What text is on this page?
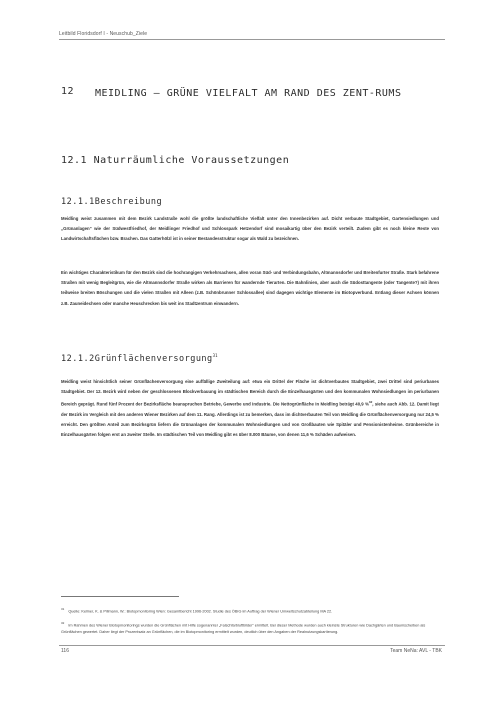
Leitbild Floridsdorf I - Neuschub_Ziele
12 MEIDLING – GRÜNE VIELFALT AM RAND DES ZENT-RUMS
12.1 Naturräumliche Voraussetzungen
12.1.1Beschreibung

Meidling weist zusammen mit dem Bezirk Landstraße wohl die größte landschaftliche Vielfalt unter den Innenbezirken auf. Dicht verbaute Stadtgebiet, Gartensiedlungen und „Grünanlagen“ wie der Südwestfriedhof, der Meidlinger Friedhof und Schlosspark Hetzendorf sind mosaikartig über den Bezirk verteilt. Zudem gibt es noch kleine Reste von Landwirtschaftsflächen bzw. Brachen. Das Gatterhölzl ist in seiner Bestandesstruktur sogar als Wald zu bezeichnen.

Ein wichtiges Charakteristikum für den Bezirk sind die hochrangigen Verkehrsachsen, allen voran Süd- und Verbindungsbahn, Altmannsdorfer und Breitenfurter Straße. Stark befahrene Straßen mit wenig Begleitgrün, wie die Altmannsdorfer Straße wirken als Barrieren für wandernde Tierarten. Die Bahnlinien, aber auch die Südosttangente (oder Tangente?) mit ihren teilweise breiten Böschungen und die vielen Straßen mit Alleen (z.B. Schönbrunner Schlossallee) sind dagegen wichtige Elemente im Biotopverbund. Entlang dieser Achsen können z.B. Zauneidechsen oder manche Heuschrecken bis weit ins Stadtzentrum einwandern.

12.1.2Grünflächenversorgung$^{31}$

Meidling weist hinsichtlich seiner Grünflächenversorgung eine auffällige Zweiteilung auf: etwa ein Drittel der Fläche ist dichtverbautes Stadtgebiet, zwei Drittel sind periurbanes Stadtgebiet. Der 12. Bezirk wird neben der geschlossenen Blockverbauung im städtischen Bereich durch die Einzelhausgärten und den kommunalen Wohnsiedlungen im periurbanen Bereich geprägt. Rund fünf Prozent der Bezirksfläche beanspruchen Betriebe, Gewerbe und Industrie. Die Nettogrünfläche in Meidling beträgt 40,9 %$^{32}$, siehe auch Abb. 12. Damit liegt der Bezirk im Vergleich mit den anderen Wiener Bezirken auf dem 11. Rang. Allerdings ist zu bemerken, dass im dichtverbauten Teil von Meidling die Grünflächenversorgung nur 24,5 % erreicht. Den größten Anteil zum Bezirksgrün liefern die Grünanlagen der kommunalen Wohnsiedlungen und von Großbauten wie Spitäler und Pensionistenheime. Grünbereiche in Einzelhausgärten folgen erst an zweiter Stelle. Im städtischen Teil von Meidling gibt es über 8.000 Bäume, von denen 11,6 % Schäden aufweisen.

$^{31}$Quelle: Kellner, K. & Pillmann, W.: Biotopmonitoring Wien: Gesamtbericht 1996-2002. Studie des ÖBIG im Auftrag der Wiener Umweltschutzabteilung MA 22.
$^{32}$Im Rahmen des Wiener Biotopmonitorings wurden die Grünflächen mit Hilfe sogenannter „Falschfarbluftbilder“ ermittelt. Bei dieser Methode wurden auch kleinste Strukturen wie Dachgärten und Baumscheiben als Grünflächen gewertet. Daher liegt der Prozentsatz an Grünflächen, die im Biotopmonitoring ermittelt wurden, deutlich über den Angaben der Realnutzungskartierung.
116	Team NeNa: AVL - TBK
